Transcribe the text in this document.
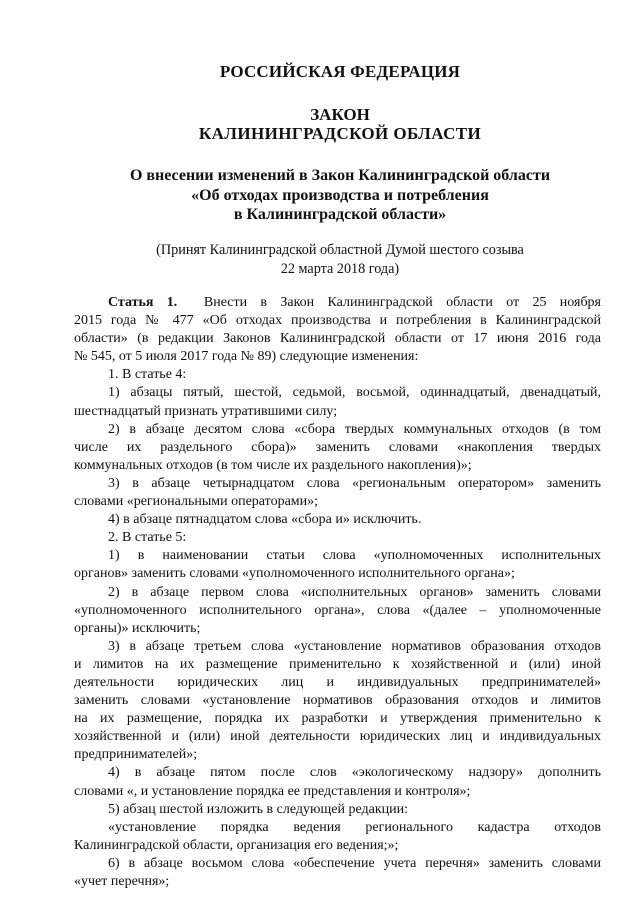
РОССИЙСКАЯ ФЕДЕРАЦИЯ
ЗАКОН
КАЛИНИНГРАДСКОЙ ОБЛАСТИ
О внесении изменений в Закон Калининградской области
«Об отходах производства и потребления
в Калининградской области»
(Принят Калининградской областной Думой шестого созыва
22 марта 2018 года)
Статья 1. Внести в Закон Калининградской области от 25 ноября
2015 года № 477 «Об отходах производства и потребления в Калининградской
области» (в редакции Законов Калининградской области от 17 июня 2016 года
№ 545, от 5 июля 2017 года № 89) следующие изменения:
1. В статье 4:
1) абзацы пятый, шестой, седьмой, восьмой, одиннадцатый, двенадцатый,
шестнадцатый признать утратившими силу;
2) в абзаце десятом слова «сбора твердых коммунальных отходов (в том
числе их раздельного сбора)» заменить словами «накопления твердых
коммунальных отходов (в том числе их раздельного накопления)»;
3) в абзаце четырнадцатом слова «региональным оператором» заменить
словами «региональными операторами»;
4) в абзаце пятнадцатом слова «сбора и» исключить.
2. В статье 5:
1) в наименовании статьи слова «уполномоченных исполнительных
органов» заменить словами «уполномоченного исполнительного органа»;
2) в абзаце первом слова «исполнительных органов» заменить словами
«уполномоченного исполнительного органа», слова «(далее – уполномоченные
органы)» исключить;
3) в абзаце третьем слова «установление нормативов образования отходов
и лимитов на их размещение применительно к хозяйственной и (или) иной
деятельности юридических лиц и индивидуальных предпринимателей»
заменить словами «установление нормативов образования отходов и лимитов
на их размещение, порядка их разработки и утверждения применительно к
хозяйственной и (или) иной деятельности юридических лиц и индивидуальных
предпринимателей»;
4) в абзаце пятом после слов «экологическому надзору» дополнить
словами «, и установление порядка ее представления и контроля»;
5) абзац шестой изложить в следующей редакции:
«установление порядка ведения регионального кадастра отходов
Калининградской области, организация его ведения;»;
6) в абзаце восьмом слова «обеспечение учета перечня» заменить словами
«учет перечня»;
